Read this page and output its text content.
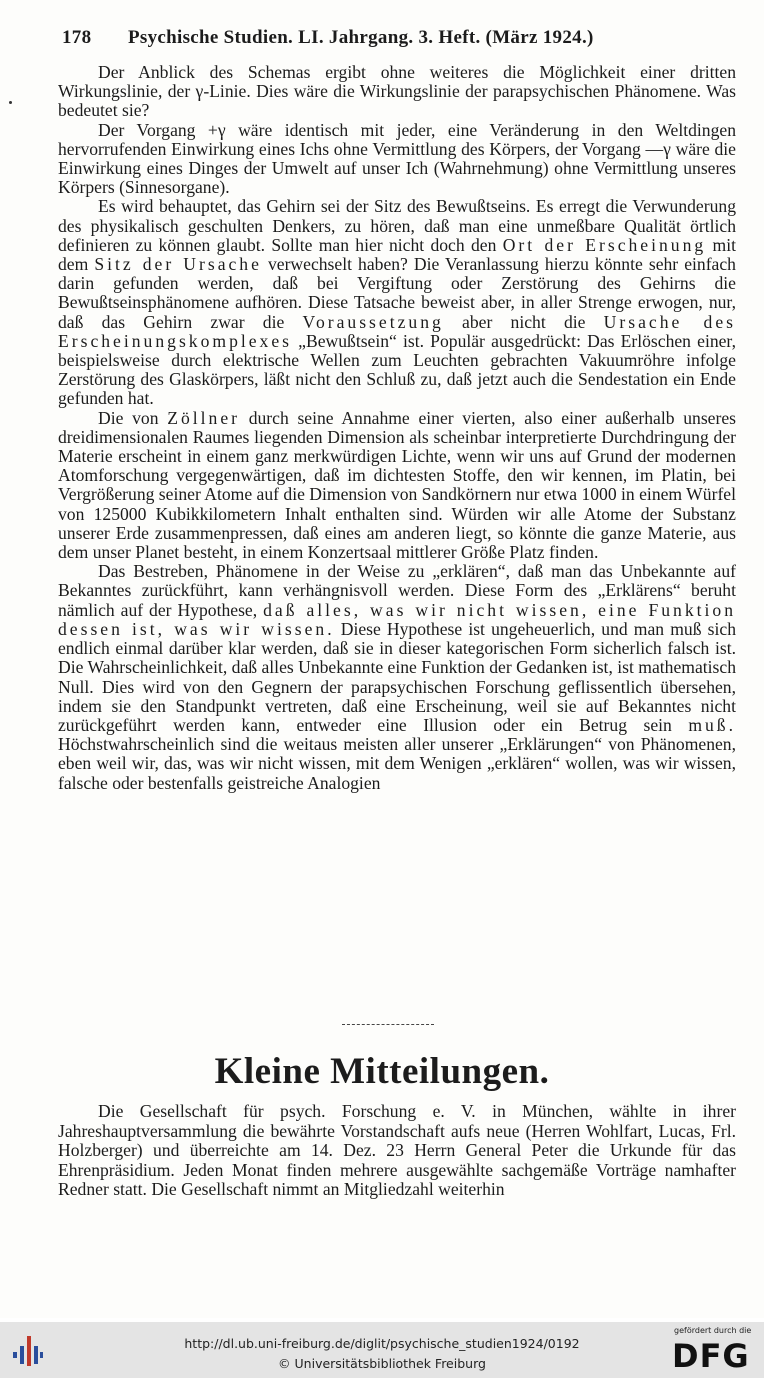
178 Psychische Studien. LI. Jahrgang. 3. Heft. (März 1924.)

Der Anblick des Schemas ergibt ohne weiteres die Möglichkeit einer dritten Wirkungslinie, der γ-Linie. Dies wäre die Wirkungslinie der parapsychischen Phänomene. Was bedeutet sie?

Der Vorgang +γ wäre identisch mit jeder, eine Veränderung in den Weltdingen hervorrufenden Einwirkung eines Ichs ohne Vermittlung des Körpers, der Vorgang —γ wäre die Einwirkung eines Dinges der Umwelt auf unser Ich (Wahrnehmung) ohne Vermittlung unseres Körpers (Sinnesorgane).

Es wird behauptet, das Gehirn sei der Sitz des Bewußtseins. Es erregt die Verwunderung des physikalisch geschulten Denkers, zu hören, daß man eine unmeßbare Qualität örtlich definieren zu können glaubt. Sollte man hier nicht doch den Ort der Erscheinung mit dem Sitz der Ursache verwechselt haben? Die Veranlassung hierzu könnte sehr einfach darin gefunden werden, daß bei Vergiftung oder Zerstörung des Gehirns die Bewußtseinsphänomene aufhören. Diese Tatsache beweist aber, in aller Strenge erwogen, nur, daß das Gehirn zwar die Voraussetzung aber nicht die Ursache des Erscheinungskomplexes „Bewußtsein“ ist. Populär ausgedrückt: Das Erlöschen einer, beispielsweise durch elektrische Wellen zum Leuchten gebrachten Vakuumröhre infolge Zerstörung des Glaskörpers, läßt nicht den Schluß zu, daß jetzt auch die Sendestation ein Ende gefunden hat.

Die von Zöllner durch seine Annahme einer vierten, also einer außerhalb unseres dreidimensionalen Raumes liegenden Dimension als scheinbar interpretierte Durchdringung der Materie erscheint in einem ganz merkwürdigen Lichte, wenn wir uns auf Grund der modernen Atomforschung vergegenwärtigen, daß im dichtesten Stoffe, den wir kennen, im Platin, bei Vergrößerung seiner Atome auf die Dimension von Sandkörnern nur etwa 1000 in einem Würfel von 125000 Kubikkilometern Inhalt enthalten sind. Würden wir alle Atome der Substanz unserer Erde zusammenpressen, daß eines am anderen liegt, so könnte die ganze Materie, aus dem unser Planet besteht, in einem Konzertsaal mittlerer Größe Platz finden.

Das Bestreben, Phänomene in der Weise zu „erklären“, daß man das Unbekannte auf Bekanntes zurückführt, kann verhängnisvoll werden. Diese Form des „Erklärens“ beruht nämlich auf der Hypothese, daß alles, was wir nicht wissen, eine Funktion dessen ist, was wir wissen. Diese Hypothese ist ungeheuerlich, und man muß sich endlich einmal darüber klar werden, daß sie in dieser kategorischen Form sicherlich falsch ist. Die Wahrscheinlichkeit, daß alles Unbekannte eine Funktion der Gedanken ist, ist mathematisch Null. Dies wird von den Gegnern der parapsychischen Forschung geflissentlich übersehen, indem sie den Standpunkt vertreten, daß eine Erscheinung, weil sie auf Bekanntes nicht zurückgeführt werden kann, entweder eine Illusion oder ein Betrug sein muß. Höchstwahrscheinlich sind die weitaus meisten aller unserer „Erklärungen“ von Phänomenen, eben weil wir, das, was wir nicht wissen, mit dem Wenigen „erklären“ wollen, was wir wissen, falsche oder bestenfalls geistreiche Analogien

Kleine Mitteilungen.

Die Gesellschaft für psych. Forschung e. V. in München, wählte in ihrer Jahreshauptversammlung die bewährte Vorstandschaft aufs neue (Herren Wohlfart, Lucas, Frl. Holzberger) und überreichte am 14. Dez. 23 Herrn General Peter die Urkunde für das Ehrenpräsidium. Jeden Monat finden mehrere ausgewählte sachgemäße Vorträge namhafter Redner statt. Die Gesellschaft nimmt an Mitgliedzahl weiterhin

http://dl.ub.uni-freiburg.de/diglit/psychische_studien1924/0192
© Universitätsbibliothek Freiburg
gefördert durch die
DFG
